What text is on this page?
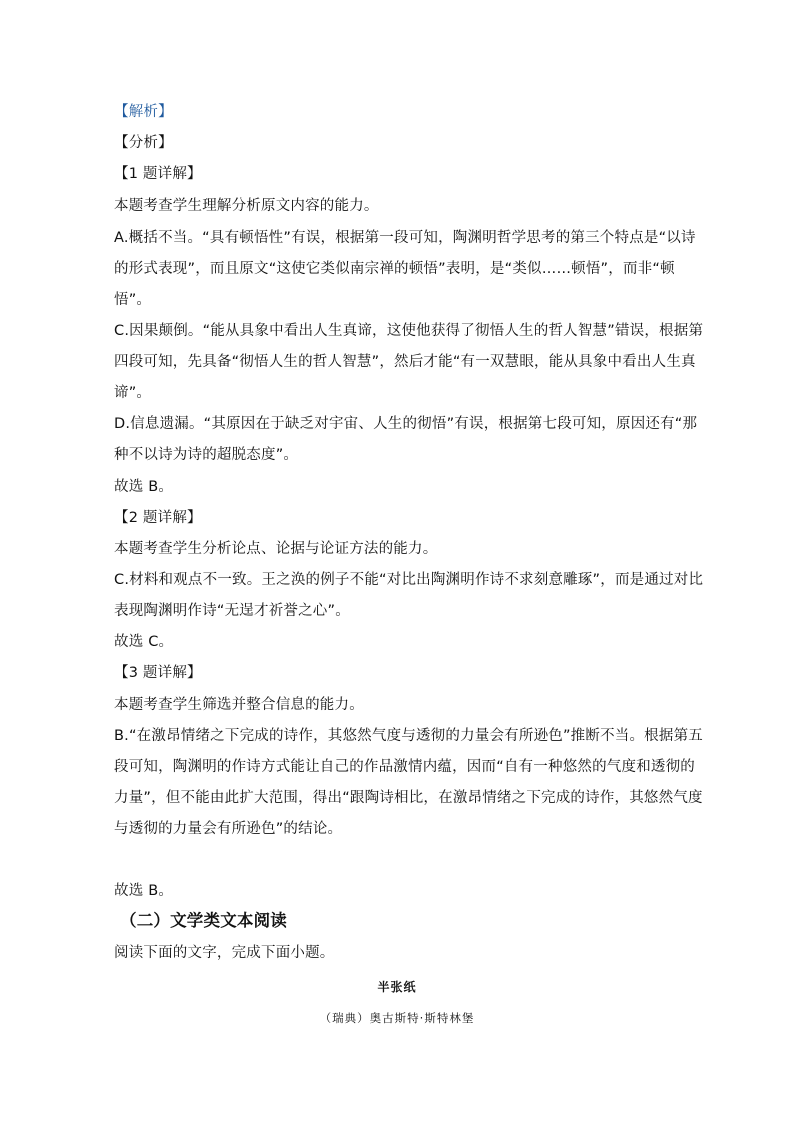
【解析】
【分析】
【1 题详解】
本题考查学生理解分析原文内容的能力。
A.概括不当。“具有顿悟性”有误，根据第一段可知，陶渊明哲学思考的第三个特点是“以诗
的形式表现”，而且原文“这使它类似南宗禅的顿悟”表明，是“类似……顿悟”，而非“顿
悟”。
C.因果颠倒。“能从具象中看出人生真谛，这使他获得了彻悟人生的哲人智慧”错误，根据第
四段可知，先具备“彻悟人生的哲人智慧”，然后才能“有一双慧眼，能从具象中看出人生真
谛”。
D.信息遗漏。“其原因在于缺乏对宇宙、人生的彻悟”有误，根据第七段可知，原因还有“那
种不以诗为诗的超脱态度”。
故选 B。
【2 题详解】
本题考查学生分析论点、论据与论证方法的能力。
C.材料和观点不一致。王之涣的例子不能“对比出陶渊明作诗不求刻意雕琢”，而是通过对比
表现陶渊明作诗“无逞才祈誉之心”。
故选 C。
【3 题详解】
本题考查学生筛选并整合信息的能力。
B.“在激昂情绪之下完成的诗作，其悠然气度与透彻的力量会有所逊色”推断不当。根据第五
段可知，陶渊明的作诗方式能让自己的作品激情内蕴，因而“自有一种悠然的气度和透彻的
力量”，但不能由此扩大范围，得出“跟陶诗相比，在激昂情绪之下完成的诗作，其悠然气度
与透彻的力量会有所逊色”的结论。
故选 B。
（二）文学类文本阅读
阅读下面的文字，完成下面小题。
半张纸
（瑞典）奥古斯特·斯特林堡
